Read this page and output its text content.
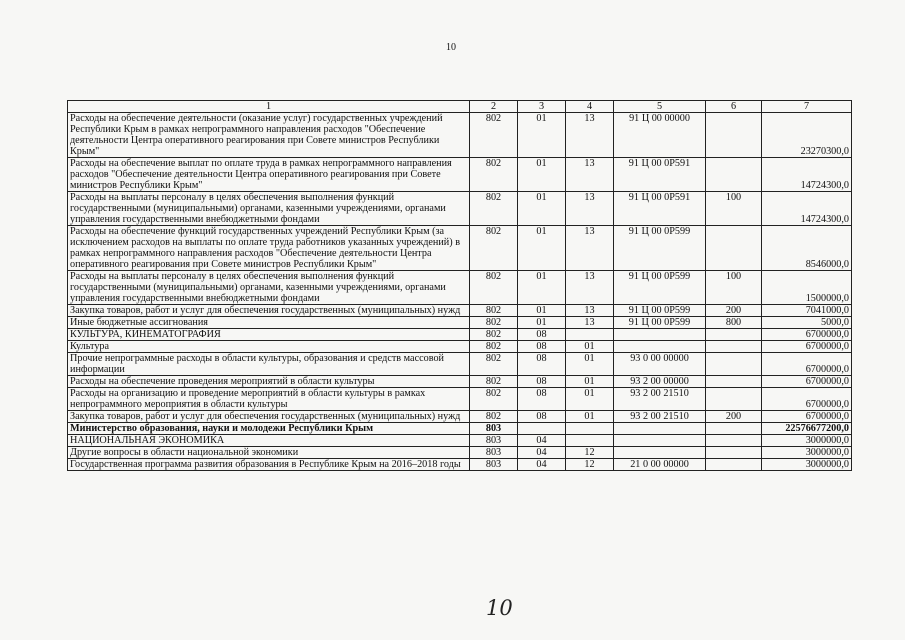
10
1	2	3	4	5	6	7
Расходы на обеспечение деятельности (оказание услуг) государственных учреждений Республики Крым в рамках непрограммного направления расходов "Обеспечение деятельности Центра оперативного реагирования при Совете министров Республики Крым"	802	01	13	91 Ц 00 00000		23270300,0
Расходы на обеспечение выплат по оплате труда в рамках непрограммного направления расходов "Обеспечение деятельности Центра оперативного реагирования при Совете министров Республики Крым"	802	01	13	91 Ц 00 0Р591		14724300,0
Расходы на выплаты персоналу в целях обеспечения выполнения функций государственными (муниципальными) органами, казенными учреждениями, органами управления государственными внебюджетными фондами	802	01	13	91 Ц 00 0Р591	100	14724300,0
Расходы на обеспечение функций государственных учреждений Республики Крым (за исключением расходов на выплаты по оплате труда работников указанных учреждений) в рамках непрограммного направления расходов "Обеспечение деятельности Центра оперативного реагирования при Совете министров Республики Крым"	802	01	13	91 Ц 00 0Р599		8546000,0
Расходы на выплаты персоналу в целях обеспечения выполнения функций государственными (муниципальными) органами, казенными учреждениями, органами управления государственными внебюджетными фондами	802	01	13	91 Ц 00 0Р599	100	1500000,0
Закупка товаров, работ и услуг для обеспечения государственных (муниципальных) нужд	802	01	13	91 Ц 00 0Р599	200	7041000,0
Иные бюджетные ассигнования	802	01	13	91 Ц 00 0Р599	800	5000,0
КУЛЬТУРА, КИНЕМАТОГРАФИЯ	802	08				6700000,0
Культура	802	08	01			6700000,0
Прочие непрограммные расходы в области культуры, образования и средств массовой информации	802	08	01	93 0 00 00000		6700000,0
Расходы на обеспечение проведения мероприятий в области культуры	802	08	01	93 2 00 00000		6700000,0
Расходы на организацию и проведение мероприятий в области культуры в рамках непрограммного мероприятия в области культуры	802	08	01	93 2 00 21510		6700000,0
Закупка товаров, работ и услуг для обеспечения государственных (муниципальных) нужд	802	08	01	93 2 00 21510	200	6700000,0
Министерство образования, науки и молодежи Республики Крым	803					22576677200,0
НАЦИОНАЛЬНАЯ ЭКОНОМИКА	803	04				3000000,0
Другие вопросы в области национальной экономики	803	04	12			3000000,0
Государственная программа развития образования в Республике Крым на 2016–2018 годы	803	04	12	21 0 00 00000		3000000,0
10
